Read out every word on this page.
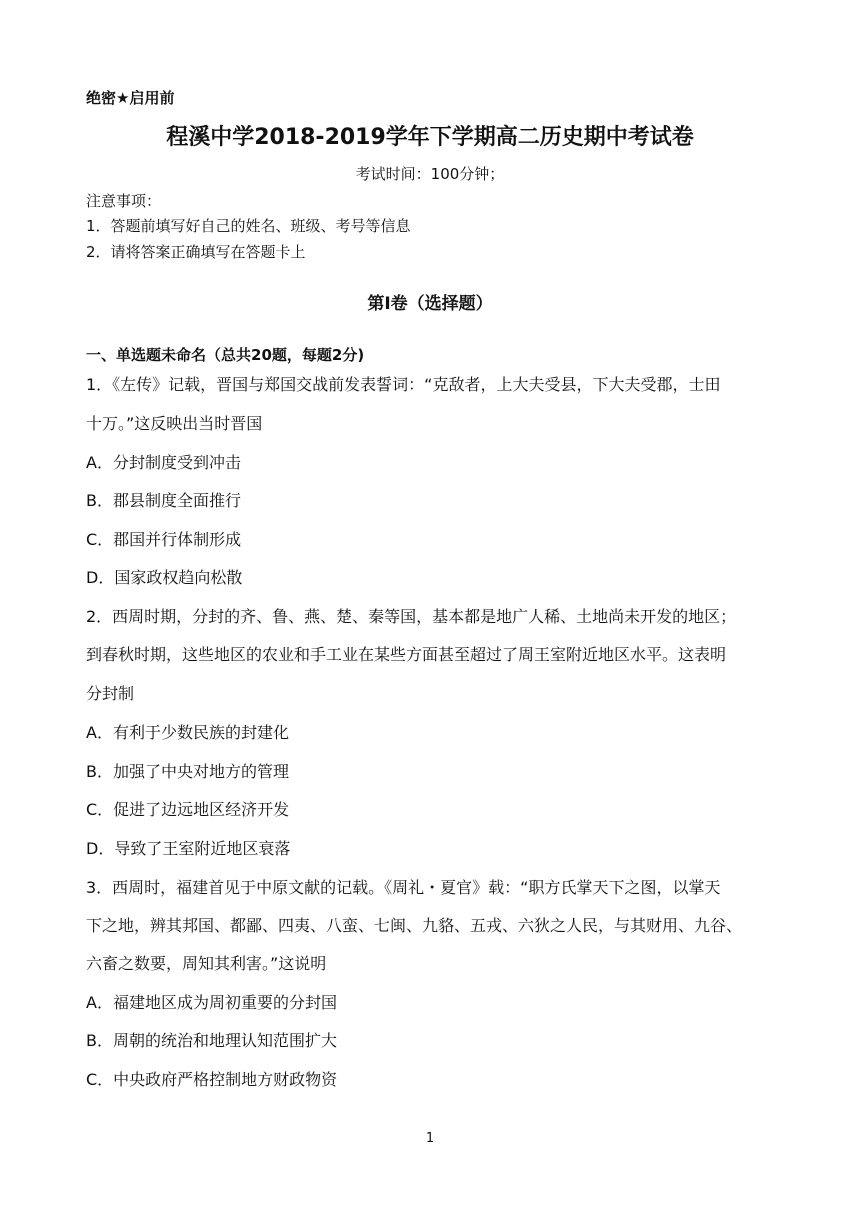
绝密★启用前
程溪中学2018-2019学年下学期高二历史期中考试卷
考试时间：100分钟；
注意事项：
1．答题前填写好自己的姓名、班级、考号等信息
2．请将答案正确填写在答题卡上
第Ⅰ卷（选择题）
一、单选题未命名（总共20题，每题2分)
1．《左传》记载，晋国与郑国交战前发表誓词：“克敌者，上大夫受县，下大夫受郡，士田
十万。”这反映出当时晋国
A．分封制度受到冲击
B．郡县制度全面推行
C．郡国并行体制形成
D．国家政权趋向松散
2．西周时期，分封的齐、鲁、燕、楚、秦等国，基本都是地广人稀、土地尚未开发的地区；
到春秋时期，这些地区的农业和手工业在某些方面甚至超过了周王室附近地区水平。这表明
分封制
A．有利于少数民族的封建化
B．加强了中央对地方的管理
C．促进了边远地区经济开发
D．导致了王室附近地区衰落
3．西周时，福建首见于中原文献的记载。《周礼・夏官》载：“职方氏掌天下之图，以掌天
下之地，辨其邦国、都鄙、四夷、八蛮、七闽、九貉、五戎、六狄之人民，与其财用、九谷、
六畜之数要，周知其利害。”这说明
A．福建地区成为周初重要的分封国
B．周朝的统治和地理认知范围扩大
C．中央政府严格控制地方财政物资
1
